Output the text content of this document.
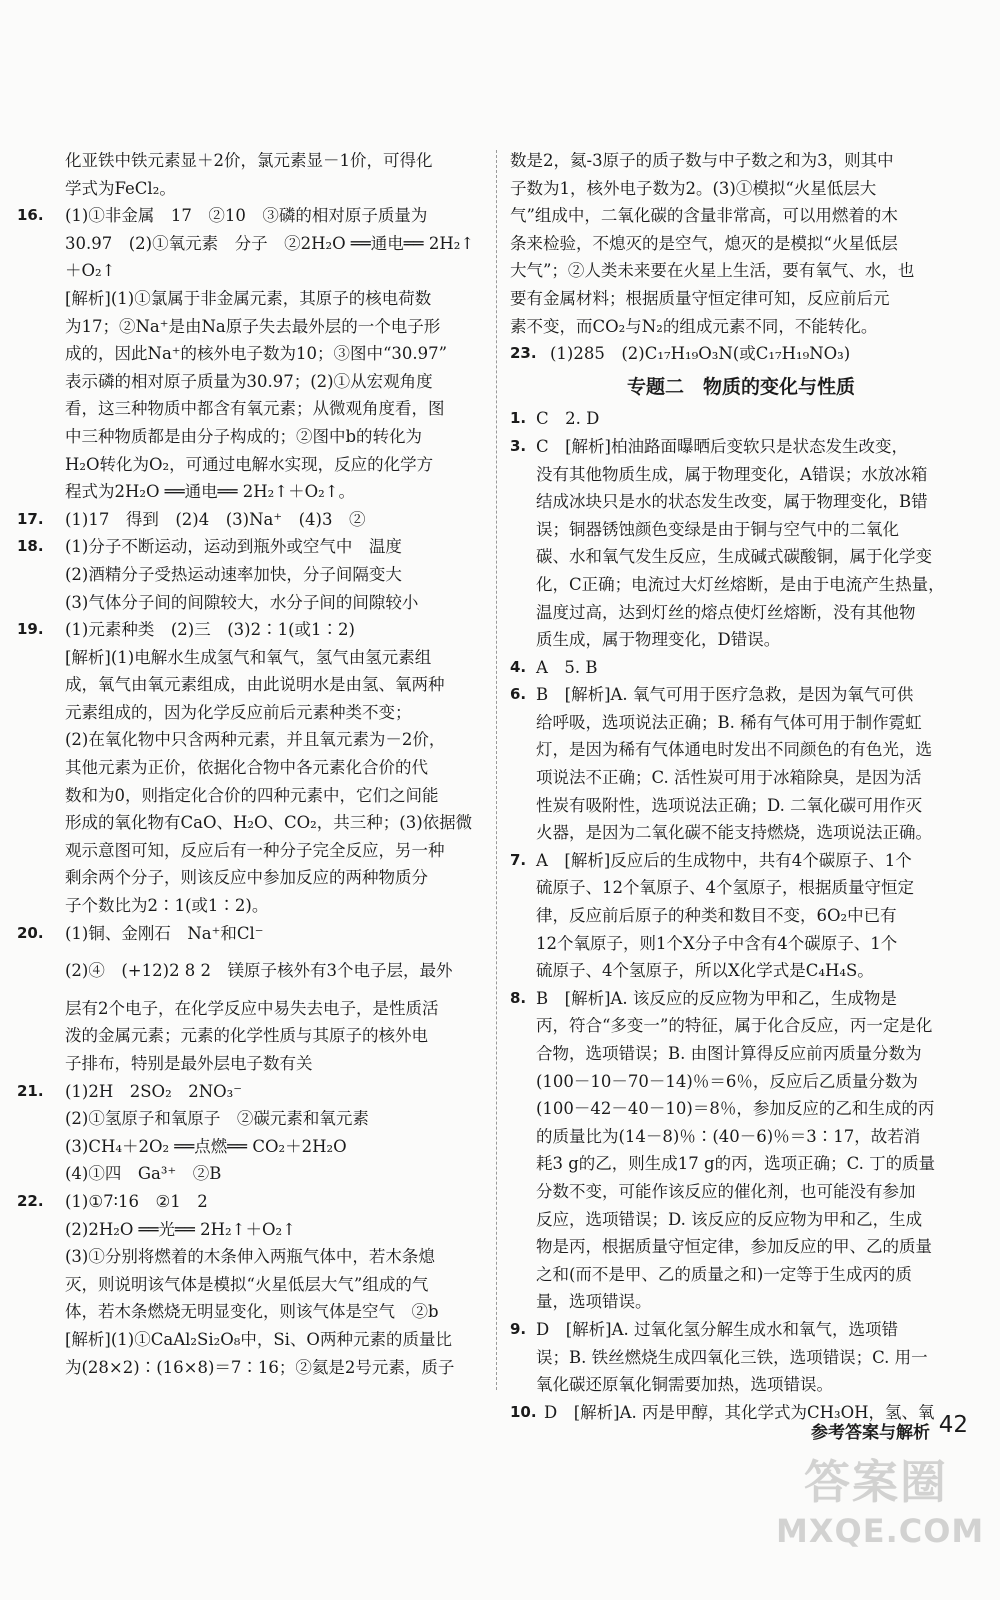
化亚铁中铁元素显＋2价，氯元素显－1价，可得化
学式为FeCl₂。
16.	(1)①非金属　17　②10　③磷的相对原子质量为
30.97　(2)①氧元素　分子　②2H₂O ══通电══ 2H₂↑
＋O₂↑
[解析](1)①氯属于非金属元素，其原子的核电荷数
为17；②Na⁺是由Na原子失去最外层的一个电子形
成的，因此Na⁺的核外电子数为10；③图中“30.97”
表示磷的相对原子质量为30.97；(2)①从宏观角度
看，这三种物质中都含有氧元素；从微观角度看，图
中三种物质都是由分子构成的；②图中b的转化为
H₂O转化为O₂，可通过电解水实现，反应的化学方
程式为2H₂O ══通电══ 2H₂↑＋O₂↑。
17.	(1)17　得到　(2)4　(3)Na⁺　(4)3　②
18.	(1)分子不断运动，运动到瓶外或空气中　温度
(2)酒精分子受热运动速率加快，分子间隔变大
(3)气体分子间的间隙较大，水分子间的间隙较小
19.	(1)元素种类　(2)三　(3)2∶1(或1∶2)
[解析](1)电解水生成氢气和氧气，氢气由氢元素组
成，氧气由氧元素组成，由此说明水是由氢、氧两种
元素组成的，因为化学反应前后元素种类不变；
(2)在氧化物中只含两种元素，并且氧元素为－2价，
其他元素为正价，依据化合物中各元素化合价的代
数和为0，则指定化合价的四种元素中，它们之间能
形成的氧化物有CaO、H₂O、CO₂，共三种；(3)依据微
观示意图可知，反应后有一种分子完全反应，另一种
剩余两个分子，则该反应中参加反应的两种物质分
子个数比为2∶1(或1∶2)。
20.	(1)铜、金刚石　Na⁺和Cl⁻
(2)④　(+12)2 8 2　镁原子核外有3个电子层，最外
层有2个电子，在化学反应中易失去电子，是性质活
泼的金属元素；元素的化学性质与其原子的核外电
子排布，特别是最外层电子数有关
21.	(1)2H　2SO₂　2NO₃⁻
(2)①氢原子和氧原子　②碳元素和氧元素
(3)CH₄＋2O₂ ══点燃══ CO₂＋2H₂O
(4)①四　Ga³⁺　②B
22.	(1)①7∶16　②1　2
(2)2H₂O ══光══ 2H₂↑＋O₂↑
(3)①分别将燃着的木条伸入两瓶气体中，若木条熄
灭，则说明该气体是模拟“火星低层大气”组成的气
体，若木条燃烧无明显变化，则该气体是空气　②b
[解析](1)①CaAl₂Si₂O₈中，Si、O两种元素的质量比
为(28×2)∶(16×8)＝7∶16；②氦是2号元素，质子
数是2，氦-3原子的质子数与中子数之和为3，则其中
子数为1，核外电子数为2。(3)①模拟“火星低层大
气”组成中，二氧化碳的含量非常高，可以用燃着的木
条来检验，不熄灭的是空气，熄灭的是模拟“火星低层
大气”；②人类未来要在火星上生活，要有氧气、水，也
要有金属材料；根据质量守恒定律可知，反应前后元
素不变，而CO₂与N₂的组成元素不同，不能转化。
23. (1)285　(2)C₁₇H₁₉O₃N(或C₁₇H₁₉NO₃)
专题二　物质的变化与性质
1. C　2. D
3. C　[解析]柏油路面曝晒后变软只是状态发生改变，
没有其他物质生成，属于物理变化，A错误；水放冰箱
结成冰块只是水的状态发生改变，属于物理变化，B错
误；铜器锈蚀颜色变绿是由于铜与空气中的二氧化
碳、水和氧气发生反应，生成碱式碳酸铜，属于化学变
化，C正确；电流过大灯丝熔断，是由于电流产生热量，
温度过高，达到灯丝的熔点使灯丝熔断，没有其他物
质生成，属于物理变化，D错误。
4. A　5. B
6. B　[解析]A. 氧气可用于医疗急救，是因为氧气可供
给呼吸，选项说法正确；B. 稀有气体可用于制作霓虹
灯，是因为稀有气体通电时发出不同颜色的有色光，选
项说法不正确；C. 活性炭可用于冰箱除臭，是因为活
性炭有吸附性，选项说法正确；D. 二氧化碳可用作灭
火器，是因为二氧化碳不能支持燃烧，选项说法正确。
7. A　[解析]反应后的生成物中，共有4个碳原子、1个
硫原子、12个氧原子、4个氢原子，根据质量守恒定
律，反应前后原子的种类和数目不变，6O₂中已有
12个氧原子，则1个X分子中含有4个碳原子、1个
硫原子、4个氢原子，所以X化学式是C₄H₄S。
8. B　[解析]A. 该反应的反应物为甲和乙，生成物是
丙，符合“多变一”的特征，属于化合反应，丙一定是化
合物，选项错误；B. 由图计算得反应前丙质量分数为
(100－10－70－14)％＝6％，反应后乙质量分数为
(100－42－40－10)＝8％，参加反应的乙和生成的丙
的质量比为(14－8)％∶(40－6)％＝3∶17，故若消
耗3 g的乙，则生成17 g的丙，选项正确；C. 丁的质量
分数不变，可能作该反应的催化剂，也可能没有参加
反应，选项错误；D. 该反应的反应物为甲和乙，生成
物是丙，根据质量守恒定律，参加反应的甲、乙的质量
之和(而不是甲、乙的质量之和)一定等于生成丙的质
量，选项错误。
9. D　[解析]A. 过氧化氢分解生成水和氧气，选项错
误；B. 铁丝燃烧生成四氧化三铁，选项错误；C. 用一
氧化碳还原氧化铜需要加热，选项错误。
10. D　[解析]A. 丙是甲醇，其化学式为CH₃OH，氢、氧
参考答案与解析 42
答案圈
MXQE.COM
